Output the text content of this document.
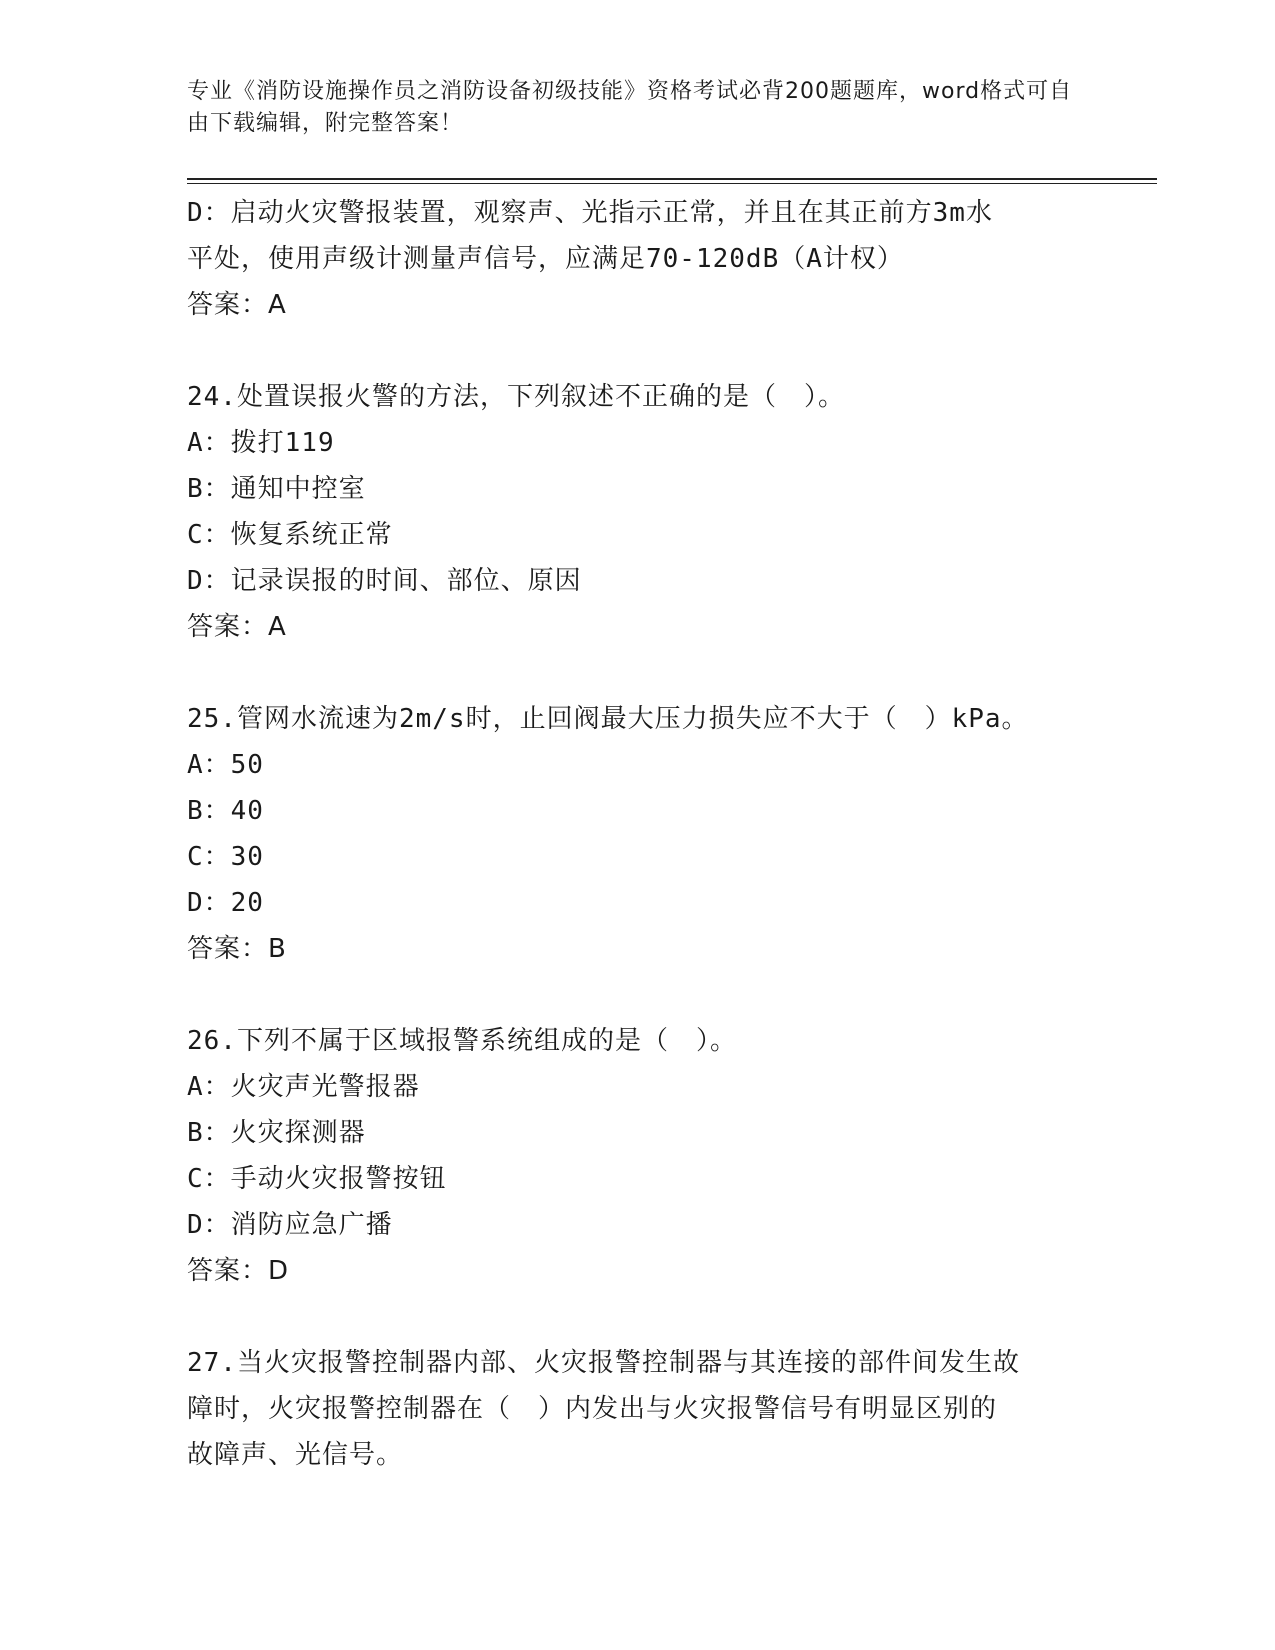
专业《消防设施操作员之消防设备初级技能》资格考试必背200题题库，word格式可自由下载编辑，附完整答案！
D：启动火灾警报装置，观察声、光指示正常，并且在其正前方3m水
平处，使用声级计测量声信号，应满足70-120dB（A计权）
答案：A
24.处置误报火警的方法，下列叙述不正确的是（　）。
A：拨打119
B：通知中控室
C：恢复系统正常
D：记录误报的时间、部位、原因
答案：A
25.管网水流速为2m/s时，止回阀最大压力损失应不大于（　）kPa。
A：50
B：40
C：30
D：20
答案：B
26.下列不属于区域报警系统组成的是（　）。
A：火灾声光警报器
B：火灾探测器
C：手动火灾报警按钮
D：消防应急广播
答案：D
27.当火灾报警控制器内部、火灾报警控制器与其连接的部件间发生故
障时，火灾报警控制器在（　）内发出与火灾报警信号有明显区别的
故障声、光信号。
